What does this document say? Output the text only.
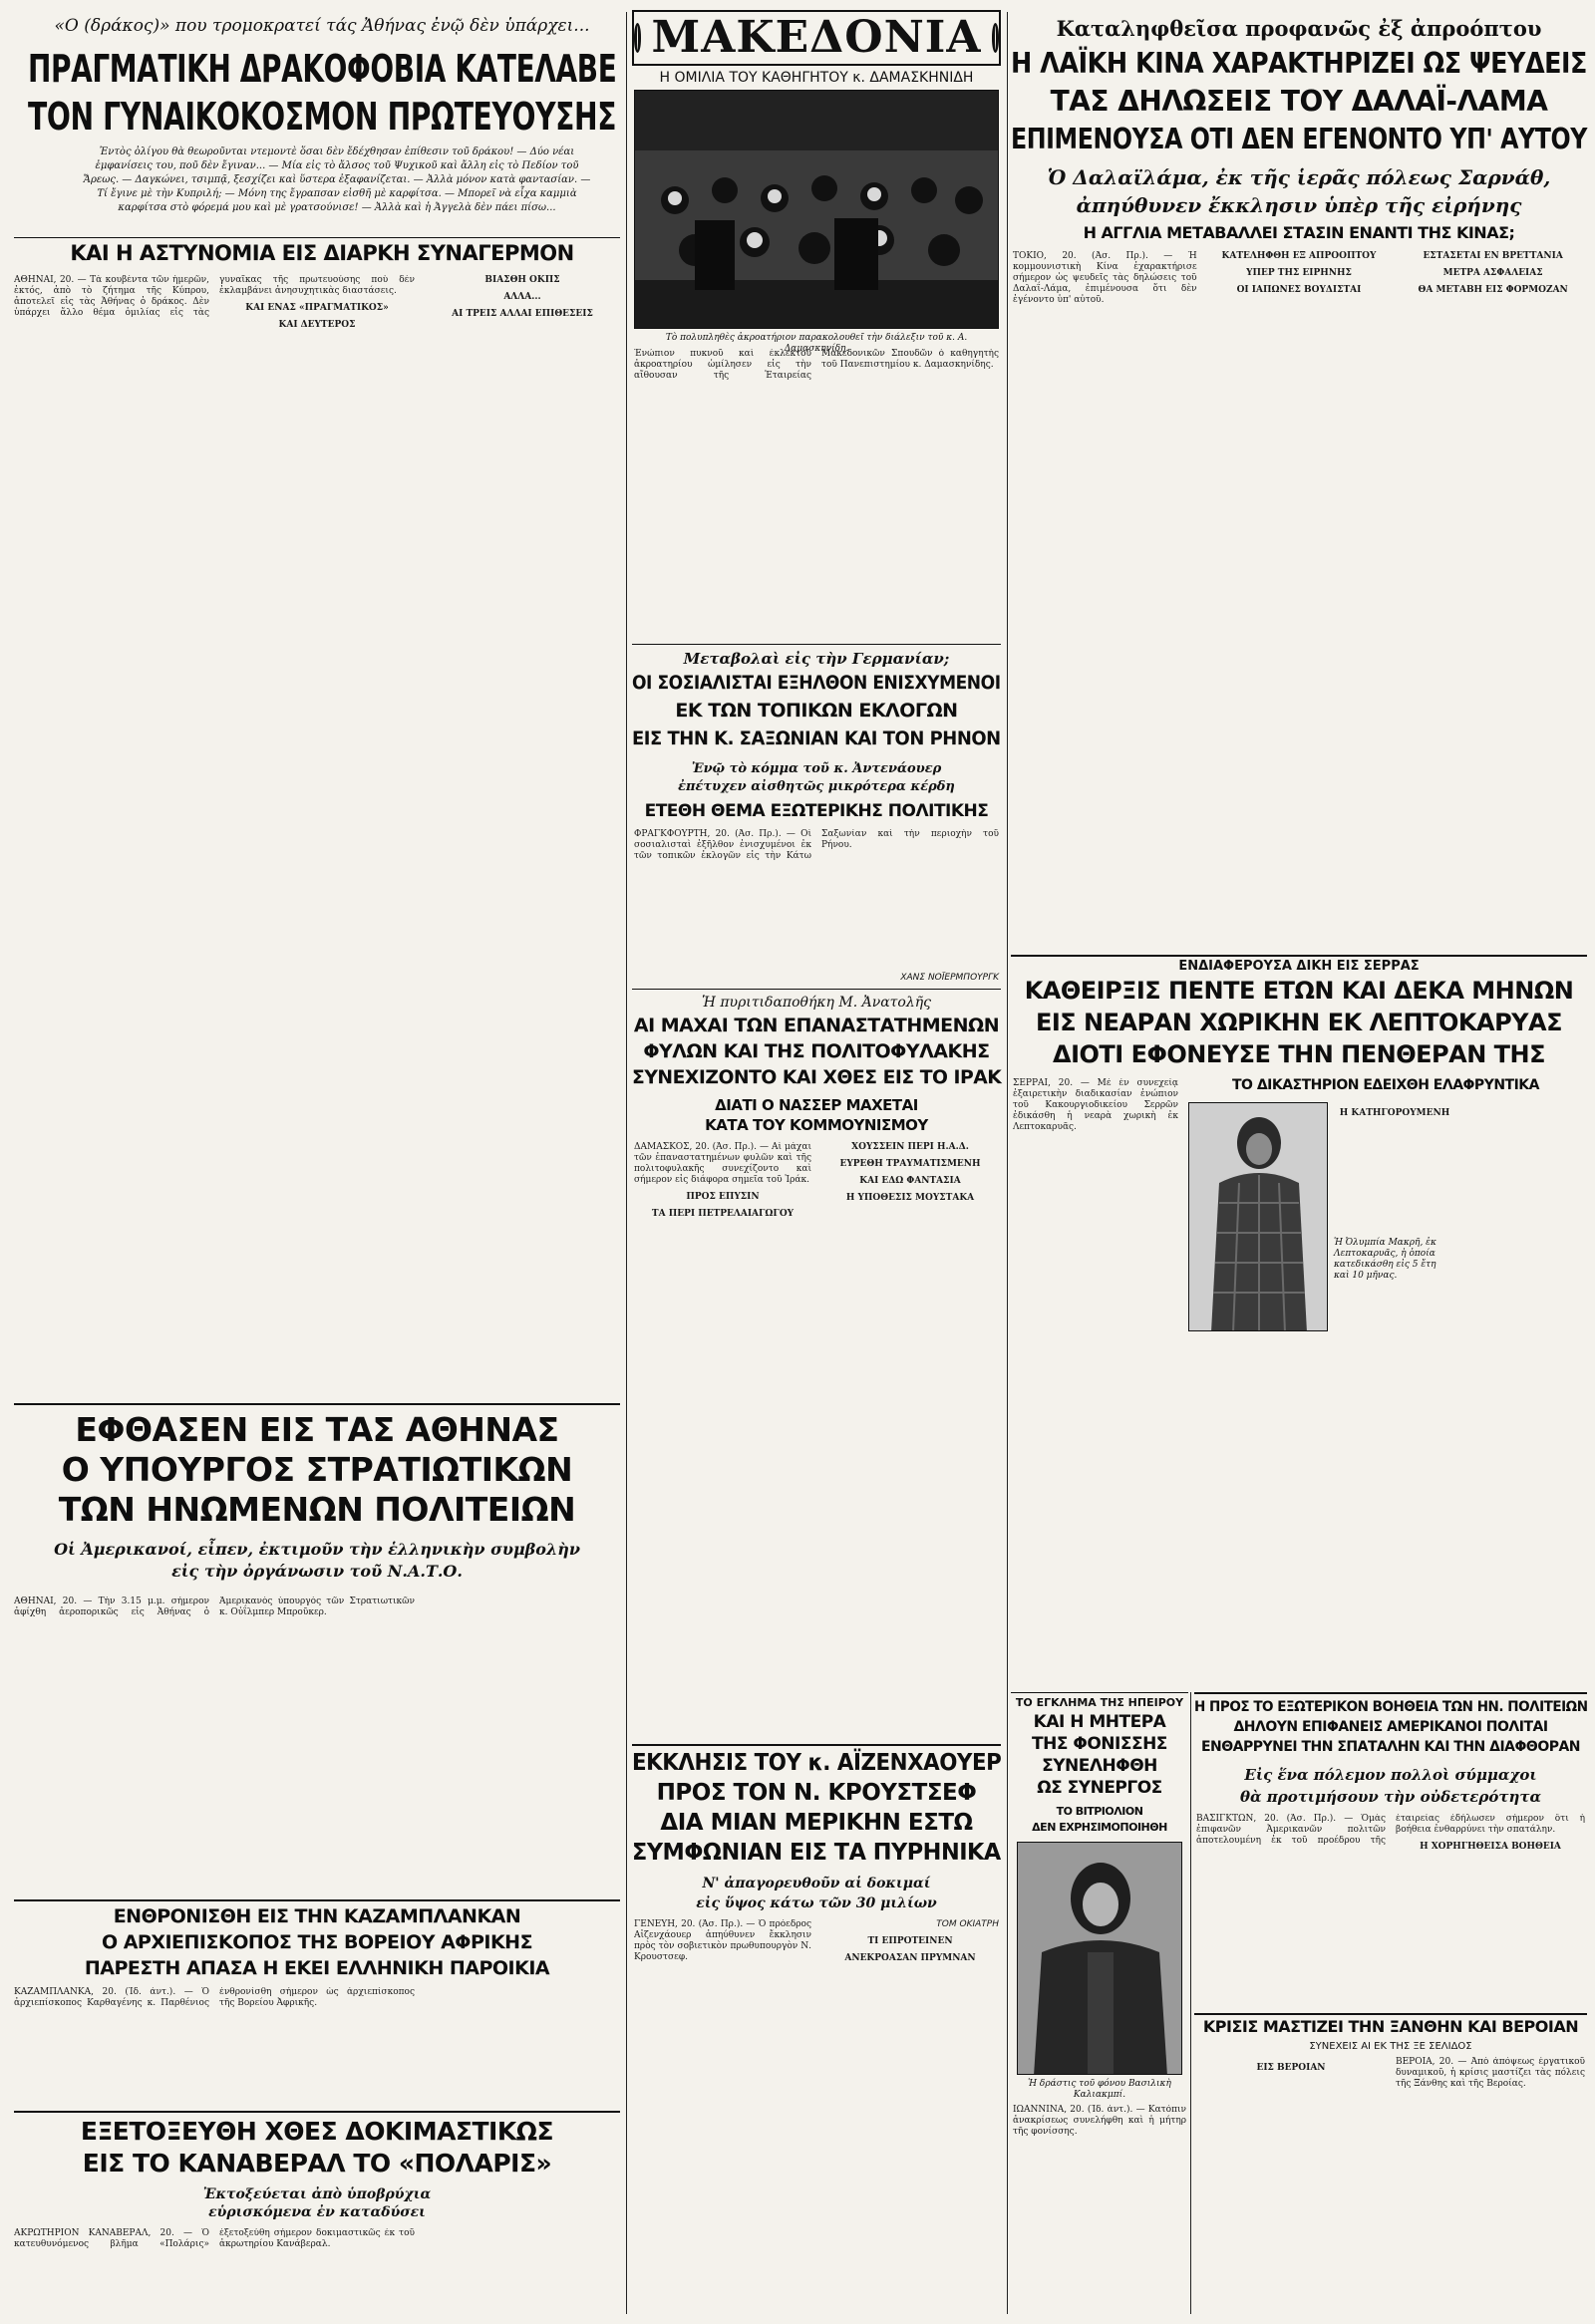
«Ο (δράκος)» που τρομοκρατεί τάς Ἀθήνας ἐνῷ δὲν ὑπάρχει...
ΠΡΑΓΜΑΤΙΚΗ ΔΡΑΚΟΦΟΒΙΑ ΚΑΤΕΛΑΒΕ
ΤΟΝ ΓΥΝΑΙΚΟΚΟΣΜΟΝ ΠΡΩΤΕΥΟΥΣΗΣ
Ἐντὸς ὀλίγου θὰ θεωροῦνται ντεμοντὲ ὅσαι δὲν ἔδέχθησαν ἐπίθεσιν τοῦ δράκου! — Δύο νέαι ἐμφανίσεις του, ποῦ δὲν ἔγιναν... — Μία εἰς τὸ ἄλσος τοῦ Ψυχικοῦ καὶ ἄλλη εἰς τὸ Πεδίον τοῦ Ἄρεως. — Δαγκώνει, τσιμπᾷ, ξεσχίζει καὶ ὕστερα ἐξαφανίζεται. — Ἀλλὰ μόνον κατὰ φαντασίαν. — Τί ἔγινε μὲ τὴν Κυπριλή; — Μόνη της ἔγραπσαν εἰσθῆ μὲ καρφίτσα. — Μπορεῖ νὰ εἶχα καμμιὰ καρφίτσα στὸ φόρεμά μου καὶ μὲ γρατσούνισε! — Ἀλλὰ καὶ ἡ Ἀγγελὰ δὲν πάει πίσω...
ΚΑΙ Η ΑΣΤΥΝΟΜΙΑ ΕΙΣ ΔΙΑΡΚΗ ΣΥΝΑΓΕΡΜΟΝ

ΑΘΗΝΑΙ, 20. — Τὰ κουβέντα τῶν ἡμερῶν, ἐκτός, ἀπὸ τὸ ζήτημα τῆς Κύπρου, ἀποτελεῖ εἰς τὰς Ἀθήνας ὁ δράκος. Δὲν ὑπάρχει ἄλλο θέμα ὁμιλίας εἰς τὰς γυναῖκας τῆς πρωτευούσης ποὺ δὲν ἐκλαμβάνει ἀνησυχητικὰς διαστάσεις.

ΚΑΙ ΕΝΑΣ «ΠΡΑΓΜΑΤΙΚΟΣ»

ΚΑΙ ΔΕΥΤΕΡΟΣ

ΒΙΑΣΘΗ ΟΚΠΣ

ΑΛΛΑ...

ΑΙ ΤΡΕΙΣ ΑΛΛΑΙ ΕΠΙΘΕΣΕΙΣ

ΕΦΘΑΣΕΝ ΕΙΣ ΤΑΣ ΑΘΗΝΑΣ
Ο ΥΠΟΥΡΓΟΣ ΣΤΡΑΤΙΩΤΙΚΩΝ
ΤΩΝ ΗΝΩΜΕΝΩΝ ΠΟΛΙΤΕΙΩΝ
Οἱ Ἀμερικανοί, εἶπεν, ἐκτιμοῦν τὴν ἑλληνικὴν συμβολὴν εἰς τὴν ὀργάνωσιν τοῦ Ν.Α.Τ.Ο.

ΑΘΗΝΑΙ, 20. — Τὴν 3.15 μ.μ. σήμερον ἀφίχθη ἀεροπορικῶς εἰς Ἀθήνας ὁ Ἀμερικανὸς ὑπουργὸς τῶν Στρατιωτικῶν κ. Οὐΐλμπερ Μπροῦκερ.

ΕΝΘΡΟΝΙΣΘΗ ΕΙΣ ΤΗΝ ΚΑΖΑΜΠΛΑΝΚΑΝ
Ο ΑΡΧΙΕΠΙΣΚΟΠΟΣ ΤΗΣ ΒΟΡΕΙΟΥ ΑΦΡΙΚΗΣ
ΠΑΡΕΣΤΗ ΑΠΑΣΑ Η ΕΚΕΙ ΕΛΛΗΝΙΚΗ ΠΑΡΟΙΚΙΑ

ΚΑΖΑΜΠΛΑΝΚΑ, 20. (Ἰδ. ἀντ.). — Ὁ ἀρχιεπίσκοπος Καρθαγένης κ. Παρθένιος ἐνθρονίσθη σήμερον ὡς ἀρχιεπίσκοπος τῆς Βορείου Ἀφρικῆς.

ΕΞΕΤΟΞΕΥΘΗ ΧΘΕΣ ΔΟΚΙΜΑΣΤΙΚΩΣ
ΕΙΣ ΤΟ ΚΑΝΑΒΕΡΑΛ ΤΟ «ΠΟΛΑΡΙΣ»
Ἐκτοξεύεται ἀπὸ ὑποβρύχια
εὑρισκόμενα ἐν καταδύσει

ΑΚΡΩΤΗΡΙΟΝ ΚΑΝΑΒΕΡΑΛ, 20. — Ὁ κατευθυνόμενος βλῆμα «Πολάρις» ἐξετοξεύθη σήμερον δοκιμαστικῶς ἐκ τοῦ ἀκρωτηρίου Κανάβεραλ.

ΜΑΚΕΔΟΝΙΑ
Η ΟΜΙΛΙΑ ΤΟΥ ΚΑΘΗΓΗΤΟΥ κ. ΔΑΜΑΣΚΗΝΙΔΗ
Τὸ πολυπληθὲς ἀκροατήριον παρακολουθεῖ τὴν διάλεξιν τοῦ κ. Α. Δαμασκηνίδη.

Ἐνώπιον πυκνοῦ καὶ ἐκλεκτοῦ ἀκροατηρίου ὡμίλησεν εἰς τὴν αἴθουσαν τῆς Ἑταιρείας Μακεδονικῶν Σπουδῶν ὁ καθηγητὴς τοῦ Πανεπιστημίου κ. Δαμασκηνίδης.

Μεταβολαὶ εἰς τὴν Γερμανίαν;
ΟΙ ΣΟΣΙΑΛΙΣΤΑΙ ΕΞΗΛΘΟΝ ΕΝΙΣΧΥΜΕΝΟΙ
ΕΚ ΤΩΝ ΤΟΠΙΚΩΝ ΕΚΛΟΓΩΝ
ΕΙΣ ΤΗΝ Κ. ΣΑΞΩΝΙΑΝ ΚΑΙ ΤΟΝ ΡΗΝΟΝ
Ἐνῷ τὸ κόμμα τοῦ κ. Ἀντενάουερ
ἐπέτυχεν αἰσθητῶς μικρότερα κέρδη
ΕΤΕΘΗ ΘΕΜΑ ΕΞΩΤΕΡΙΚΗΣ ΠΟΛΙΤΙΚΗΣ

ΦΡΑΓΚΦΟΥΡΤΗ, 20. (Ἀσ. Πρ.). — Οἱ σοσιαλισταὶ ἐξῆλθον ἐνισχυμένοι ἐκ τῶν τοπικῶν ἐκλογῶν εἰς τὴν Κάτω Σαξωνίαν καὶ τὴν περιοχὴν τοῦ Ρήνου.

ΧΑΝΣ ΝΟΪΕΡΜΠΟΥΡΓΚ
Ἡ πυριτιδαποθήκη Μ. Ἀνατολῆς
ΑΙ ΜΑΧΑΙ ΤΩΝ ΕΠΑΝΑΣΤΑΤΗΜΕΝΩΝ
ΦΥΛΩΝ ΚΑΙ ΤΗΣ ΠΟΛΙΤΟΦΥΛΑΚΗΣ
ΣΥΝΕΧΙΖΟΝΤΟ ΚΑΙ ΧΘΕΣ ΕΙΣ ΤΟ ΙΡΑΚ
ΔΙΑΤΙ Ο ΝΑΣΣΕΡ ΜΑΧΕΤΑΙ
ΚΑΤΑ ΤΟΥ ΚΟΜΜΟΥΝΙΣΜΟΥ

ΔΑΜΑΣΚΟΣ, 20. (Ἀσ. Πρ.). — Αἱ μάχαι τῶν ἐπαναστατημένων φυλῶν καὶ τῆς πολιτοφυλακῆς συνεχίζοντο καὶ σήμερον εἰς διάφορα σημεῖα τοῦ Ἰράκ.

ΠΡΟΣ ΕΠΥΣΙΝ

ΤΑ ΠΕΡΙ ΠΕΤΡΕΛΑΙΑΓΩΓΟΥ

ΧΟΥΣΣΕΙΝ ΠΕΡΙ Η.Α.Δ.

ΕΥΡΕΘΗ ΤΡΑΥΜΑΤΙΣΜΕΝΗ

ΚΑΙ ΕΔΩ ΦΑΝΤΑΣΙΑ

Η ΥΠΟΘΕΣΙΣ ΜΟΥΣΤΑΚΑ

ΕΚΚΛΗΣΙΣ ΤΟΥ κ. ΑΪΖΕΝΧΑΟΥΕΡ
ΠΡΟΣ ΤΟΝ Ν. ΚΡΟΥΣΤΣΕΦ
ΔΙΑ ΜΙΑΝ ΜΕΡΙΚΗΝ ΕΣΤΩ
ΣΥΜΦΩΝΙΑΝ ΕΙΣ ΤΑ ΠΥΡΗΝΙΚΑ
Ν' ἀπαγορευθοῦν αἱ δοκιμαί
εἰς ὕψος κάτω τῶν 30 μιλίων

ΓΕΝΕΥΗ, 20. (Ἀσ. Πρ.). — Ὁ πρόεδρος Αἰζενχάουερ ἀπηύθυνεν ἔκκλησιν πρὸς τὸν σοβιετικὸν πρωθυπουργὸν Ν. Κρουστσεφ.

ΤΟΜ ΟΚΙΑΤΡΗ

ΤΙ ΕΠΡΟΤΕΙΝΕΝ

ΑΝΕΚΡΟΑΣΑΝ ΠΡΥΜΝΑΝ

Καταληφθεῖσα προφανῶς ἐξ ἀπροόπτου
Η ΛΑΪΚΗ ΚΙΝΑ ΧΑΡΑΚΤΗΡΙΖΕΙ ΩΣ ΨΕΥΔΕΙΣ
ΤΑΣ ΔΗΛΩΣΕΙΣ ΤΟΥ ΔΑΛΑΪ-ΛΑΜΑ
ΕΠΙΜΕΝΟΥΣΑ ΟΤΙ ΔΕΝ ΕΓΕΝΟΝΤΟ ΥΠ' ΑΥΤΟΥ
Ὁ Δαλαϊλάμα, ἐκ τῆς ἱερᾶς πόλεως Σαρνάθ,
ἀπηύθυνεν ἔκκλησιν ὑπὲρ τῆς εἰρήνης
Η ΑΓΓΛΙΑ ΜΕΤΑΒΑΛΛΕΙ ΣΤΑΣΙΝ ΕΝΑΝΤΙ ΤΗΣ ΚΙΝΑΣ;

ΤΟΚΙΟ, 20. (Ἀσ. Πρ.). — Ἡ κομμουνιστικὴ Κίνα ἐχαρακτήρισε σήμερον ὡς ψευδεῖς τὰς δηλώσεις τοῦ Δαλαΐ-Λάμα, ἐπιμένουσα ὅτι δὲν ἐγένοντο ὑπ' αὐτοῦ.

ΚΑΤΕΛΗΦΘΗ ΕΞ ΑΠΡΟΟΠΤΟΥ

ΥΠΕΡ ΤΗΣ ΕΙΡΗΝΗΣ

ΟΙ ΙΑΠΩΝΕΣ ΒΟΥΔΙΣΤΑΙ

ΕΣΤΑΣΕΤΑΙ ΕΝ ΒΡΕΤΤΑΝΙΑ

ΜΕΤΡΑ ΑΣΦΑΛΕΙΑΣ

ΘΑ ΜΕΤΑΒΗ ΕΙΣ ΦΟΡΜΟΖΑΝ

ΕΝΔΙΑΦΕΡΟΥΣΑ ΔΙΚΗ ΕΙΣ ΣΕΡΡΑΣ
ΚΑΘΕΙΡΞΙΣ ΠΕΝΤΕ ΕΤΩΝ ΚΑΙ ΔΕΚΑ ΜΗΝΩΝ
ΕΙΣ ΝΕΑΡΑΝ ΧΩΡΙΚΗΝ ΕΚ ΛΕΠΤΟΚΑΡΥΑΣ
ΔΙΟΤΙ ΕΦΟΝΕΥΣΕ ΤΗΝ ΠΕΝΘΕΡΑΝ ΤΗΣ
ΤΟ ΔΙΚΑΣΤΗΡΙΟΝ ΕΔΕΙΧΘΗ ΕΛΑΦΡΥΝΤΙΚΑ

ΣΕΡΡΑΙ, 20. — Μὲ ἐν συνεχείᾳ ἐξαιρετικὴν διαδικασίαν ἐνώπιον τοῦ Κακουργιοδικείου Σερρῶν ἐδικάσθη ἡ νεαρὰ χωρικὴ ἐκ Λεπτοκαρυᾶς.

Ἡ Ὀλυμπία Μακρῆ, ἐκ Λεπτοκαρυᾶς, ἡ ὁποία κατεδικάσθη εἰς 5 ἔτη καὶ 10 μῆνας.

Η ΚΑΤΗΓΟΡΟΥΜΕΝΗ

ΤΟ ΕΓΚΛΗΜΑ ΤΗΣ ΗΠΕΙΡΟΥ
ΚΑΙ Η ΜΗΤΕΡΑ
ΤΗΣ ΦΟΝΙΣΣΗΣ
ΣΥΝΕΛΗΦΘΗ
ΩΣ ΣΥΝΕΡΓΟΣ
ΤΟ ΒΙΤΡΙΟΛΙΟΝ
ΔΕΝ ΕΧΡΗΣΙΜΟΠΟΙΗΘΗ
Ἡ δράστις τοῦ φόνου Βασιλικὴ Καλιακμπί.

ΙΩΑΝΝΙΝΑ, 20. (Ἰδ. ἀντ.). — Κατόπιν ἀνακρίσεως συνελήφθη καὶ ἡ μήτηρ τῆς φονίσσης.

Η ΠΡΟΣ ΤΟ ΕΞΩΤΕΡΙΚΟΝ ΒΟΗΘΕΙΑ ΤΩΝ ΗΝ. ΠΟΛΙΤΕΙΩΝ
ΔΗΛΟΥΝ ΕΠΙΦΑΝΕΙΣ ΑΜΕΡΙΚΑΝΟΙ ΠΟΛΙΤΑΙ
ΕΝΘΑΡΡΥΝΕΙ ΤΗΝ ΣΠΑΤΑΛΗΝ ΚΑΙ ΤΗΝ ΔΙΑΦΘΟΡΑΝ
Εἰς ἕνα πόλεμον πολλοὶ σύμμαχοι
θὰ προτιμήσουν τὴν οὐδετερότητα

ΒΑΣΙΓΚΤΩΝ, 20. (Ἀσ. Πρ.). — Ὁμὰς ἐπιφανῶν Ἀμερικανῶν πολιτῶν ἀποτελουμένη ἐκ τοῦ προέδρου τῆς ἑταιρείας ἐδήλωσεν σήμερον ὅτι ἡ βοήθεια ἐνθαρρύνει τὴν σπατάλην.

Η ΧΟΡΗΓΗΘΕΙΣΑ ΒΟΗΘΕΙΑ

ΚΡΙΣΙΣ ΜΑΣΤΙΖΕΙ ΤΗΝ ΞΑΝΘΗΝ ΚΑΙ ΒΕΡΟΙΑΝ
ΣΥΝΕΧΕΙΣ ΑΙ ΕΚ ΤΗΣ ΞΕ ΣΕΛΙΔΟΣ

ΕΙΣ ΒΕΡΟΙΑΝ

ΒΕΡΟΙΑ, 20. — Ἀπὸ ἀπόψεως ἐργατικοῦ δυναμικοῦ, ἡ κρίσις μαστίζει τὰς πόλεις τῆς Ξάνθης καὶ τῆς Βεροίας.
